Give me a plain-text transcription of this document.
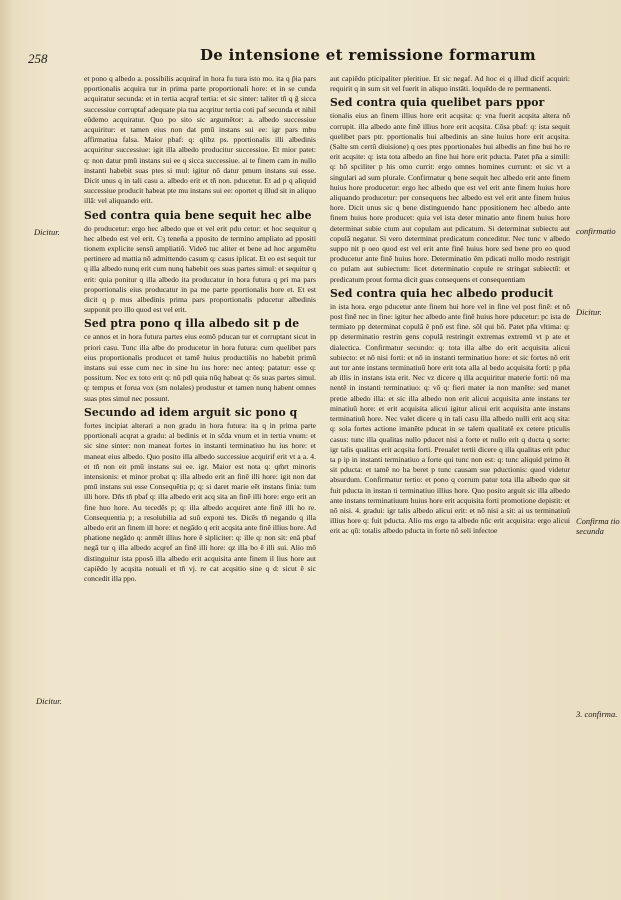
258	De intensione et remissione formarum
Dicitur.
Dicitur.
Dicitur.
confirmatio
Confirma tio secunda
3. confirma.

et pono q albedo a. possibilis acquiraf in hora fu tura isto mo. ita q p̃ia pars pportionalis acquira tur in prima parte proportionali hore: et in se cunda acquiratur secunda: et in tertia acqraf tertia: et sic sinter: taliter tñ q ḡ sicca successiue corruptaf adequate pia tua acqritur tertia coti paf secunda et nihil eŭdemo acquiratur. Quo po sito sic argumētor: a. albedo successiue acquiritur: et tamen eius non dat pmū instans sui ee: igr pars mbu affirmatiua falsa. Maior pbaf: q: qlibz ps. pportionalis illi albedinis acquiritur successiue: igit illa albedo producitur successiue. Et mior patet: q: non datur pmū instans sui ee q sicca successiue. ai te finem cam in nullo instanti habebit suas ptes si mul: igitur nō datur pmum instans sui esse. Dicit unus q in tali casu a. albedo erit et tñ non. pducetur. Et ad p q aliquid successiue producit habeat pte mu instans sui ee: oportet q illud sit in aliquo illā: vel aliquando erit.

Sed contra quia bene sequit hec albe

do producetur: ergo hec albedo que et vel erit pdu cetur: et hoc sequitur q hec albedo est vel erit. Cȝ teneña a pposito de termino ampliato ad ppositi tionem explicite sensū ampliatiō. Videō tuc aliter et bene ad hoc argumētu pertinere ad mattia nō admittendo casum q: casus iplicat. Et eo est sequit tur q illa albedo nunq erit cum nunq habebit oes suas partes simul: et sequitur q erit: quia ponitur q illa albedo ita producatur in hora futura q pri ma pars proportionalis eius producatur in pa me parte pportionalis hore et. Et est dicit q p mus albedinis prima pars proportionalis pducetur albedinis supponit pro illo quod est vel erit.

Sed ptra pono q illa albedo sit p de

ce annos et in hora futura partes eius eomō pducan tur et corruptant sicut in priori casu. Tunc illa albe do producetur in hora futura: cum quelibet pars eius proportionalis producet et tamē huius productiōis no habebit primū instans sui esse cum nec in sine hu ius hore: nec anteq: patatur: esse q: possitum. Nec ex toto erit q: nū pdl quia nūq habeat q: ōs suas partes simul. q: tempus et forua vox (sm nolales) produstur et tamen nunq habent omnes suas ptes simul nec possunt.

Secundo ad idem arguit sic pono q

fortes incipiat alterari a non gradu in hora futura: ita q in prima parte pportionali acqrat a gradu: al bedinis et in sc̃da vnum et in tertia vnum: et sic sine sinter: non maneat fortes in instanti terminatiuo hu ius hore: et maneat eius albedo. Quo posito illa albedo successiue acquirif erit vt a a. 4. et tñ non eit pmū instans sui ee. igr. Maior est nota q: qm̄rt minoris intensionis: et minor probat q: illa albedo erit an finē illi hore: igit non dat pmū instans sui esse Consequētia p; q: si daret marie eēt instans finia: tum illi hore. Dñs tñ pbaf q: illa albedo erit acq sita an finē illi hore: ergo erit an fine huo hore. Au tecedēs p; q: illa albedo acquiret ante finē illi ho re. Consequentia p; a resolubilia ad suū exponi tes. Dicēs tñ negando q illa albedo erit an finem ill hore: et negādo q erit acqsita ante finē illius hore. Ad phatione negādo q: anmēt illius hore ē sipliciter: q: ille q: non sit: enā pbaf negā tur q illa albedo acqref an finē illi hore: qz illa bo ē illi sui. Alio mō distinguitur ista pposō illa albedo erit acquisita ante finem il lius hore aut capiēdo ly acqsita notuali et tñ vj. re cat acqsitio sine q d: sicut ē sic concedit illa ppo.

aut capiēdo pticipaliter pleritiue. Et sic negaf. Ad hoc ei q illud dicif acquiri: requirit q in sum sit vel fuerit in aliquo instāti. loquēdo de re permanenti.

Sed contra quia quelibet pars ppor

tionalis eius an finem illius hore erit acqsita: q: vna fuerit acqsita altera nō corrupit. illa albedo ante finē illius hore erit acqsita. Cōsa pbaf: q: ista sequit quelibet pars ptr. pportionalis hui albedinis an sine huius hore erit acqsita. (Salte sm certū diuisione) q oes ptes pportionales hui albedis an fine hui ho re erit acqsite: q: ista tota albedo an fine hui hore erit pducta. Patet pña a simili: q: hō spciliter p his omo currit: ergo omnes homines currunt: et sic vt a singulari ad sum plurale. Confirmatur q bene sequit hec albedo erit ante finem huius hore producetur: ergo hec albedo que est vel erit ante finem huius hore aliquando producetur: per consequens hec albedo est vel erit ante finem huius hore. Dicit unus sic q bene distinguendo hanc ppositionem hec albedo ante finem huius hore producet: quia vel ista deter minatio ante finem huius hore determinat subie ctum aut copulam aut pdicatum. Si determinat subiectu aut copulā negatur. Si vero determinat predicatum conceditur. Nec tunc v albedo suppo nit p oeo quod est vel erit ante finē huius hore sed bene pro eo quod producetur ante finē huius hore. Determinatio ēm pdicati nullo modo restrigit co pulam aut subiectum: licet determinatio copule re stringat subiectū: et predicatum prout forma dicit guas consequens et consequentiam

Sed contra quia hec albedo producit

in ista hora. ergo pducetur ante finem hui hore vel in fine vel post finē: et nō post finē nec in fine: igitur hec albedo ante finē huius hore pducetur: pc ista de termiato pp determinat copulā ẽ pnō est fine. sōl qui bō. Patet pña vltima: q: pp determinatio restrin gens copulā restringit extremas extremū vt p ate et dialectica. Confirmatur secundo: q: tota illa albe do erit acquisita alicui subiecto: et nō nisi forti: et nō in instanti terminatiuo hore: et sic fortes nō erit aut tur ante instans terminatiuū hore erit tota alla al bedo acquisita forti: p pña ab illis in instans ista erit. Nec vz dicere q illa acquiritur materie forti: nō ma nentē in instanti terminatiuo: q: vō q: fieri mater ia non manēte: sed manet pretie albedo illa: et sic illa albedo non erit alicui acquisita ante instans ter minatiuū hore: et erit acquisita alicui igitur alicui erit acquisita ante instans terminatiuū hore. Nec valet dicere q in tali casu illa albedo nulli erit acq sita: q: sola fortes actione imanēte pducat in se talem qualitatē ex cetere pticulis casus: tunc illa qualitas nullo pducet nisi a forte et nullo erit q ducta q sorte: igr talis qualitas erit acqsita forti. Preualet tertii dicere q illa qualitas erit pduc ta p ip in instanti terminatiuo a forte qui tunc non est: q: tunc aliquid primo ēt sit pducta: et tamē no ha beret p tunc causam sue pductionis: quod videtur absurdum. Confirmatur tertio: et pono q corrum patur tota illa albedo que sit fuit pducta in instan ti terminatiuo illius hore. Quo posito arguit sic illa albedo ante instans terminatiuum huius hore erit acquisita forti promotione depistit: et nō nisi. 4. gradui: igr talis albedo alicui erit: et nō nisi a sit: ai us terminatiuū illius hore q: fuit pducta. Alio ms ergo ta albedo nūc erit acquisita: ergo alicui erit ac qū: totalis albedo pducta in forte nō seli infectoe
